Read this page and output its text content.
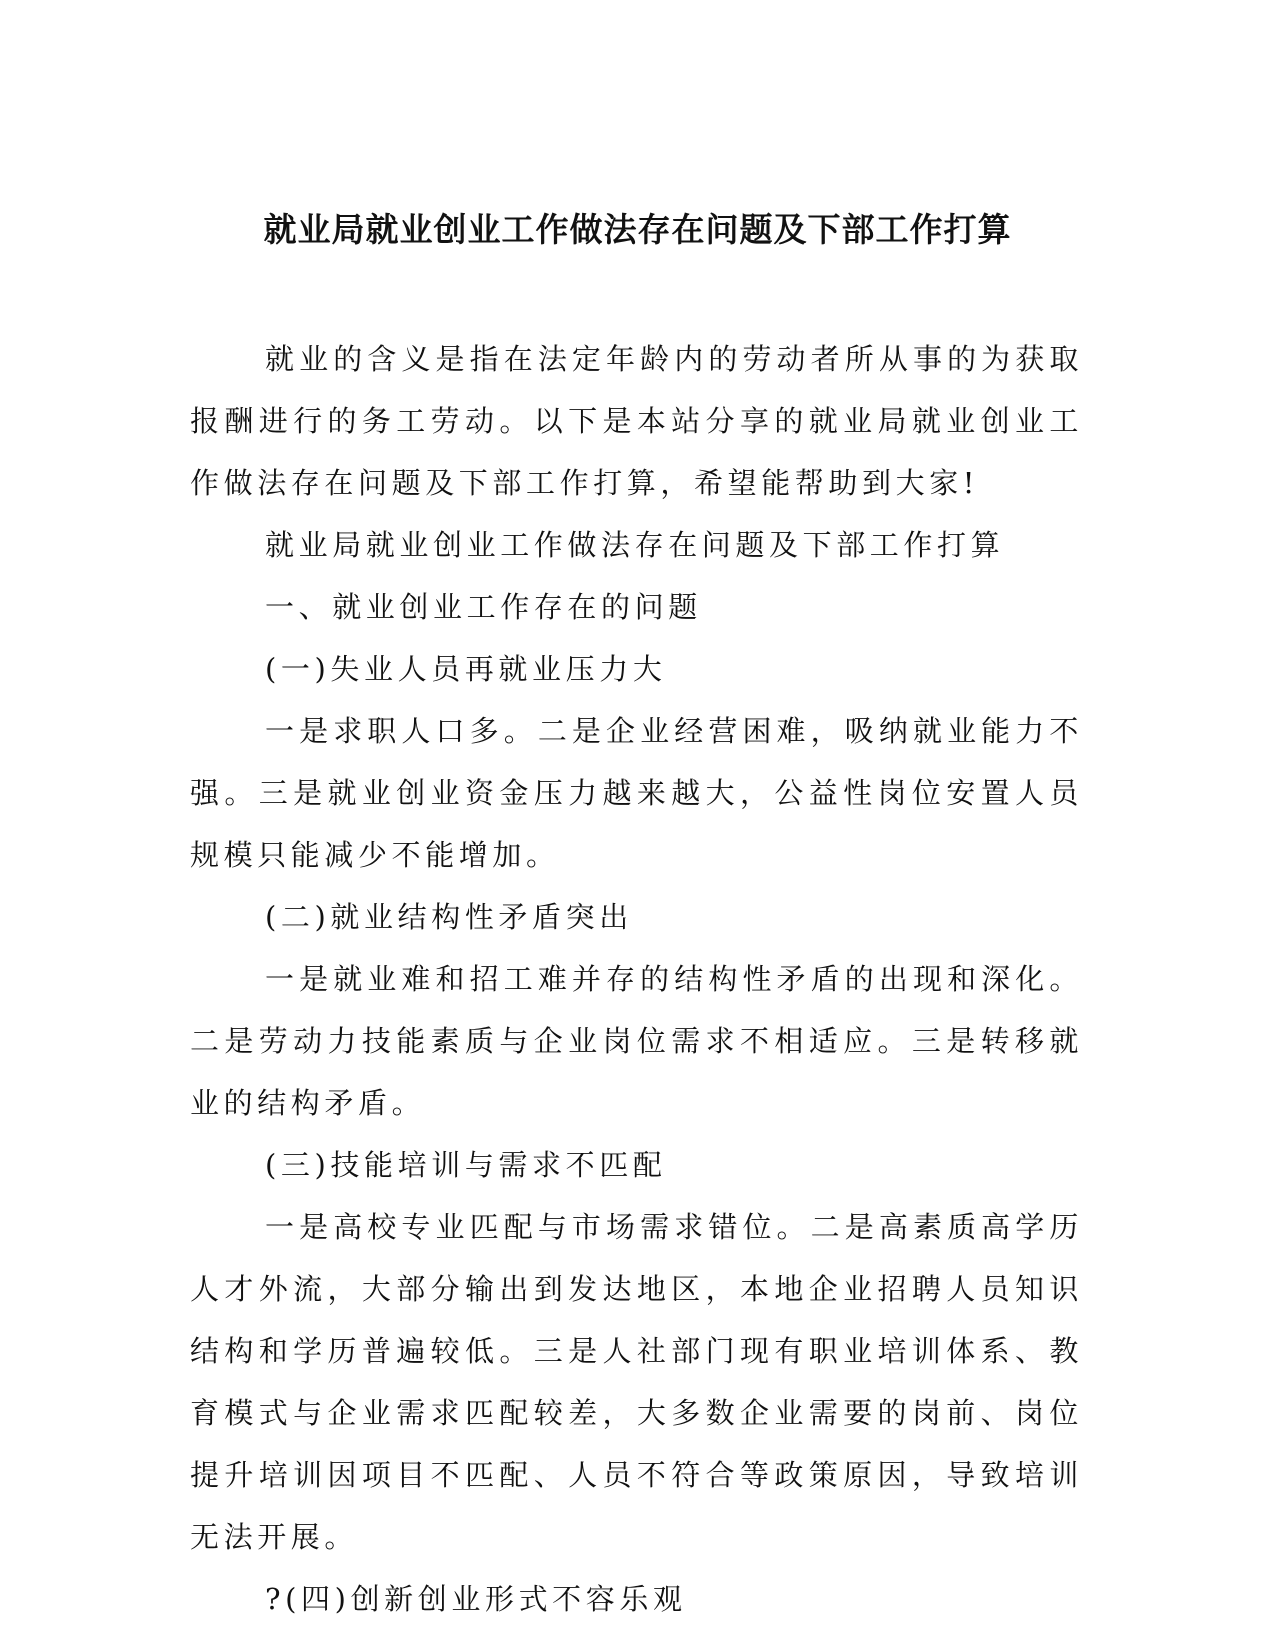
就业局就业创业工作做法存在问题及下部工作打算

就业的含义是指在法定年龄内的劳动者所从事的为获取报酬进行的务工劳动。以下是本站分享的就业局就业创业工作做法存在问题及下部工作打算，希望能帮助到大家!

就业局就业创业工作做法存在问题及下部工作打算

一、就业创业工作存在的问题

(一)失业人员再就业压力大

一是求职人口多。二是企业经营困难，吸纳就业能力不强。三是就业创业资金压力越来越大，公益性岗位安置人员规模只能减少不能增加。

(二)就业结构性矛盾突出

一是就业难和招工难并存的结构性矛盾的出现和深化。二是劳动力技能素质与企业岗位需求不相适应。三是转移就业的结构矛盾。

(三)技能培训与需求不匹配

一是高校专业匹配与市场需求错位。二是高素质高学历人才外流，大部分输出到发达地区，本地企业招聘人员知识结构和学历普遍较低。三是人社部门现有职业培训体系、教育模式与企业需求匹配较差，大多数企业需要的岗前、岗位提升培训因项目不匹配、人员不符合等政策原因，导致培训无法开展。

?(四)创新创业形式不容乐观
